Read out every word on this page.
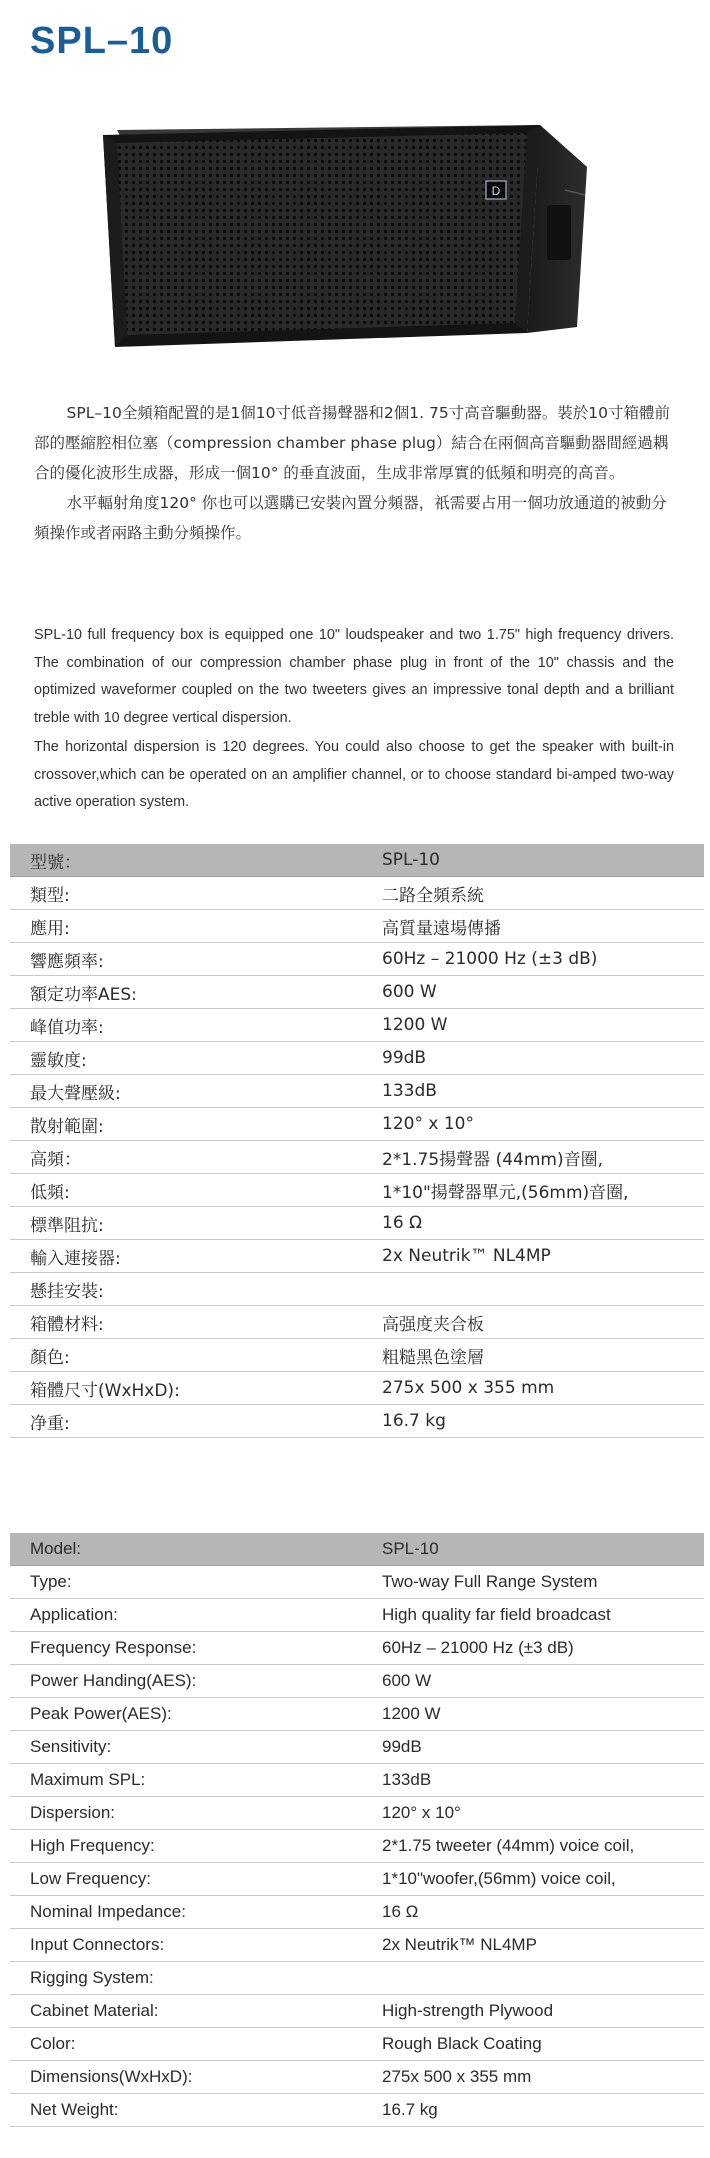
SPL–10
D

SPL–10全頻箱配置的是1個10寸低音揚聲器和2個1. 75寸高音驅動器。裝於10寸箱體前部的壓縮腔相位塞（compression chamber phase plug）結合在兩個高音驅動器間經過耦合的優化波形生成器，形成一個10° 的垂直波面，生成非常厚實的低頻和明亮的高音。

水平輻射角度120° 你也可以選購已安裝內置分頻器，祇需要占用一個功放通道的被動分頻操作或者兩路主動分頻操作。

SPL-10 full frequency box is equipped one 10" loudspeaker and two 1.75" high frequency drivers. The combination of our compression chamber phase plug in front of the 10" chassis and the optimized waveformer coupled on the two tweeters gives an impressive tonal depth and a brilliant treble with 10 degree vertical dispersion.

The horizontal dispersion is 120 degrees. You could also choose to get the speaker with built-in crossover,which can be operated on an amplifier channel, or to choose standard bi-amped two-way active operation system.

型號：	SPL-10
類型:	二路全頻系統
應用:	高質量遠場傳播
響應頻率:	60Hz – 21000 Hz (±3 dB)
額定功率AES:	600 W
峰值功率:	1200 W
靈敏度:	99dB
最大聲壓級:	133dB
散射範圍:	120° x 10°
高頻：	2*1.75揚聲器 (44mm)音圈,
低頻:	1*10"揚聲器單元,(56mm)音圈,
標準阻抗:	16 Ω
輸入連接器:	2x Neutrik™ NL4MP
懸挂安裝:	
箱體材料:	高强度夹合板
顏色:	粗糙黑色塗層
箱體尺寸(WxHxD):	275x 500 x 355 mm
净重:	16.7 kg
Model:	SPL-10
Type:	Two-way Full Range System
Application:	High quality far field broadcast
Frequency Response:	60Hz – 21000 Hz (±3 dB)
Power Handing(AES):	600 W
Peak Power(AES):	1200 W
Sensitivity:	99dB
Maximum SPL:	133dB
Dispersion:	120° x 10°
High Frequency:	2*1.75 tweeter (44mm) voice coil,
Low Frequency:	1*10"woofer,(56mm) voice coil,
Nominal Impedance:	16 Ω
Input Connectors:	2x Neutrik™ NL4MP
Rigging System:	
Cabinet Material:	High-strength Plywood
Color:	Rough Black Coating
Dimensions(WxHxD):	275x 500 x 355 mm
Net Weight:	16.7 kg
